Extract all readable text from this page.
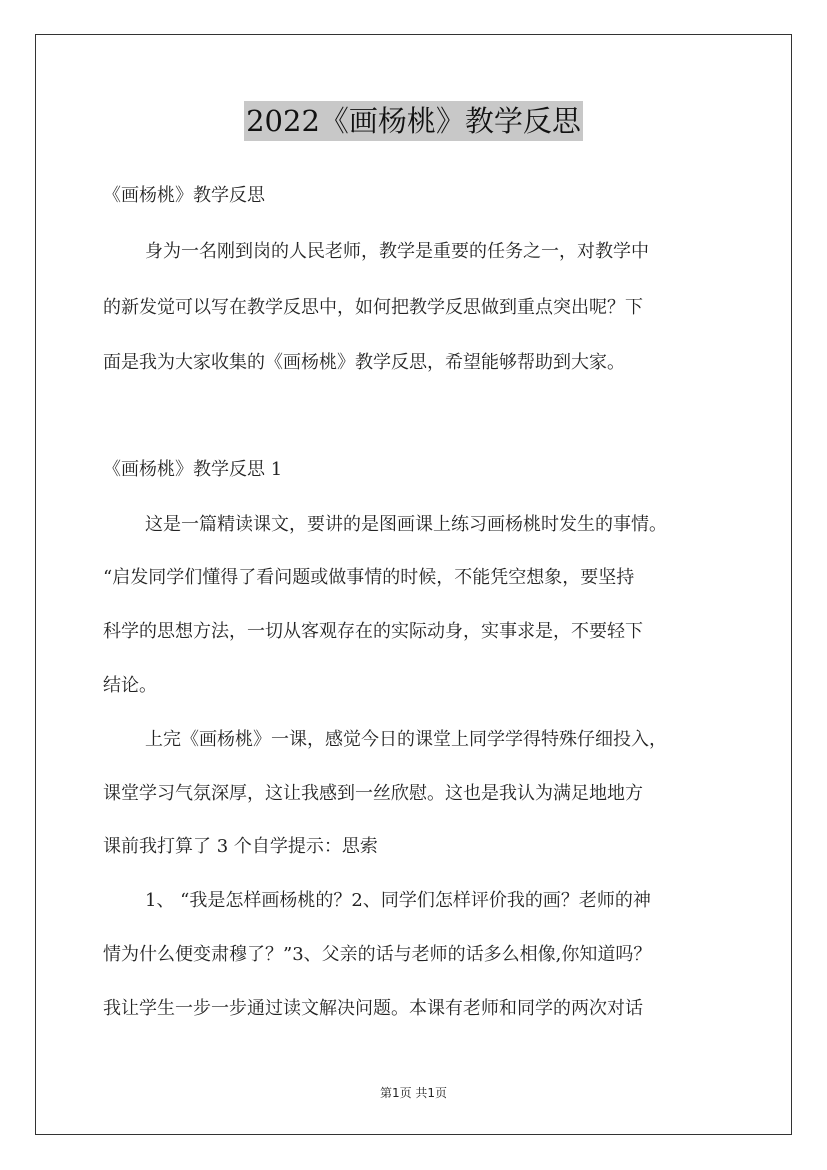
2022《画杨桃》教学反思
《画杨桃》教学反思
身为一名刚到岗的人民老师，教学是重要的任务之一，对教学中
的新发觉可以写在教学反思中，如何把教学反思做到重点突出呢？下
面是我为大家收集的《画杨桃》教学反思，希望能够帮助到大家。
《画杨桃》教学反思 1
这是一篇精读课文，要讲的是图画课上练习画杨桃时发生的事情。
“启发同学们懂得了看问题或做事情的时候，不能凭空想象，要坚持
科学的思想方法，一切从客观存在的实际动身，实事求是，不要轻下
结论。
上完《画杨桃》一课，感觉今日的课堂上同学学得特殊仔细投入，
课堂学习气氛深厚，这让我感到一丝欣慰。这也是我认为满足地地方
课前我打算了 3 个自学提示：思索
1、 “我是怎样画杨桃的？2、同学们怎样评价我的画？老师的神
情为什么便变肃穆了？”3、父亲的话与老师的话多么相像,你知道吗？
我让学生一步一步通过读文解决问题。本课有老师和同学的两次对话
第1页 共1页
